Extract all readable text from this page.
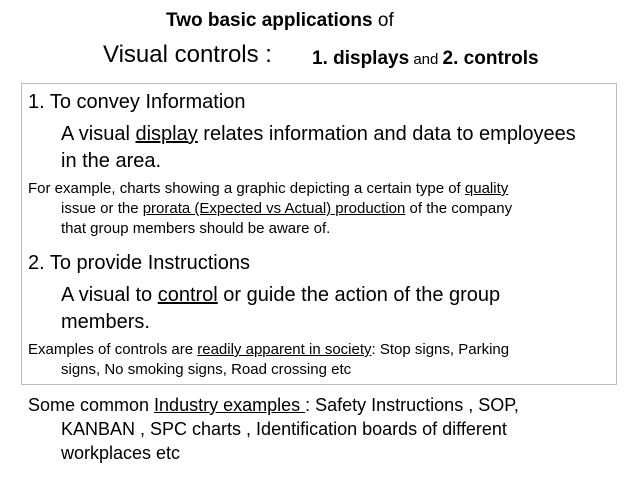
Two basic applications of
Visual controls : 1. displays and 2. controls
1. To convey Information
A visual display relates information and data to employees
in the area.
For example, charts showing a graphic depicting a certain type of quality
issue or the prorata (Expected vs Actual) production of the company
that group members should be aware of.
2. To provide Instructions
A visual to control or guide the action of the group
members.
Examples of controls are readily apparent in society: Stop signs, Parking
signs, No smoking signs, Road crossing etc
Some common Industry examples : Safety Instructions , SOP,
KANBAN , SPC charts , Identification boards of different
workplaces etc
